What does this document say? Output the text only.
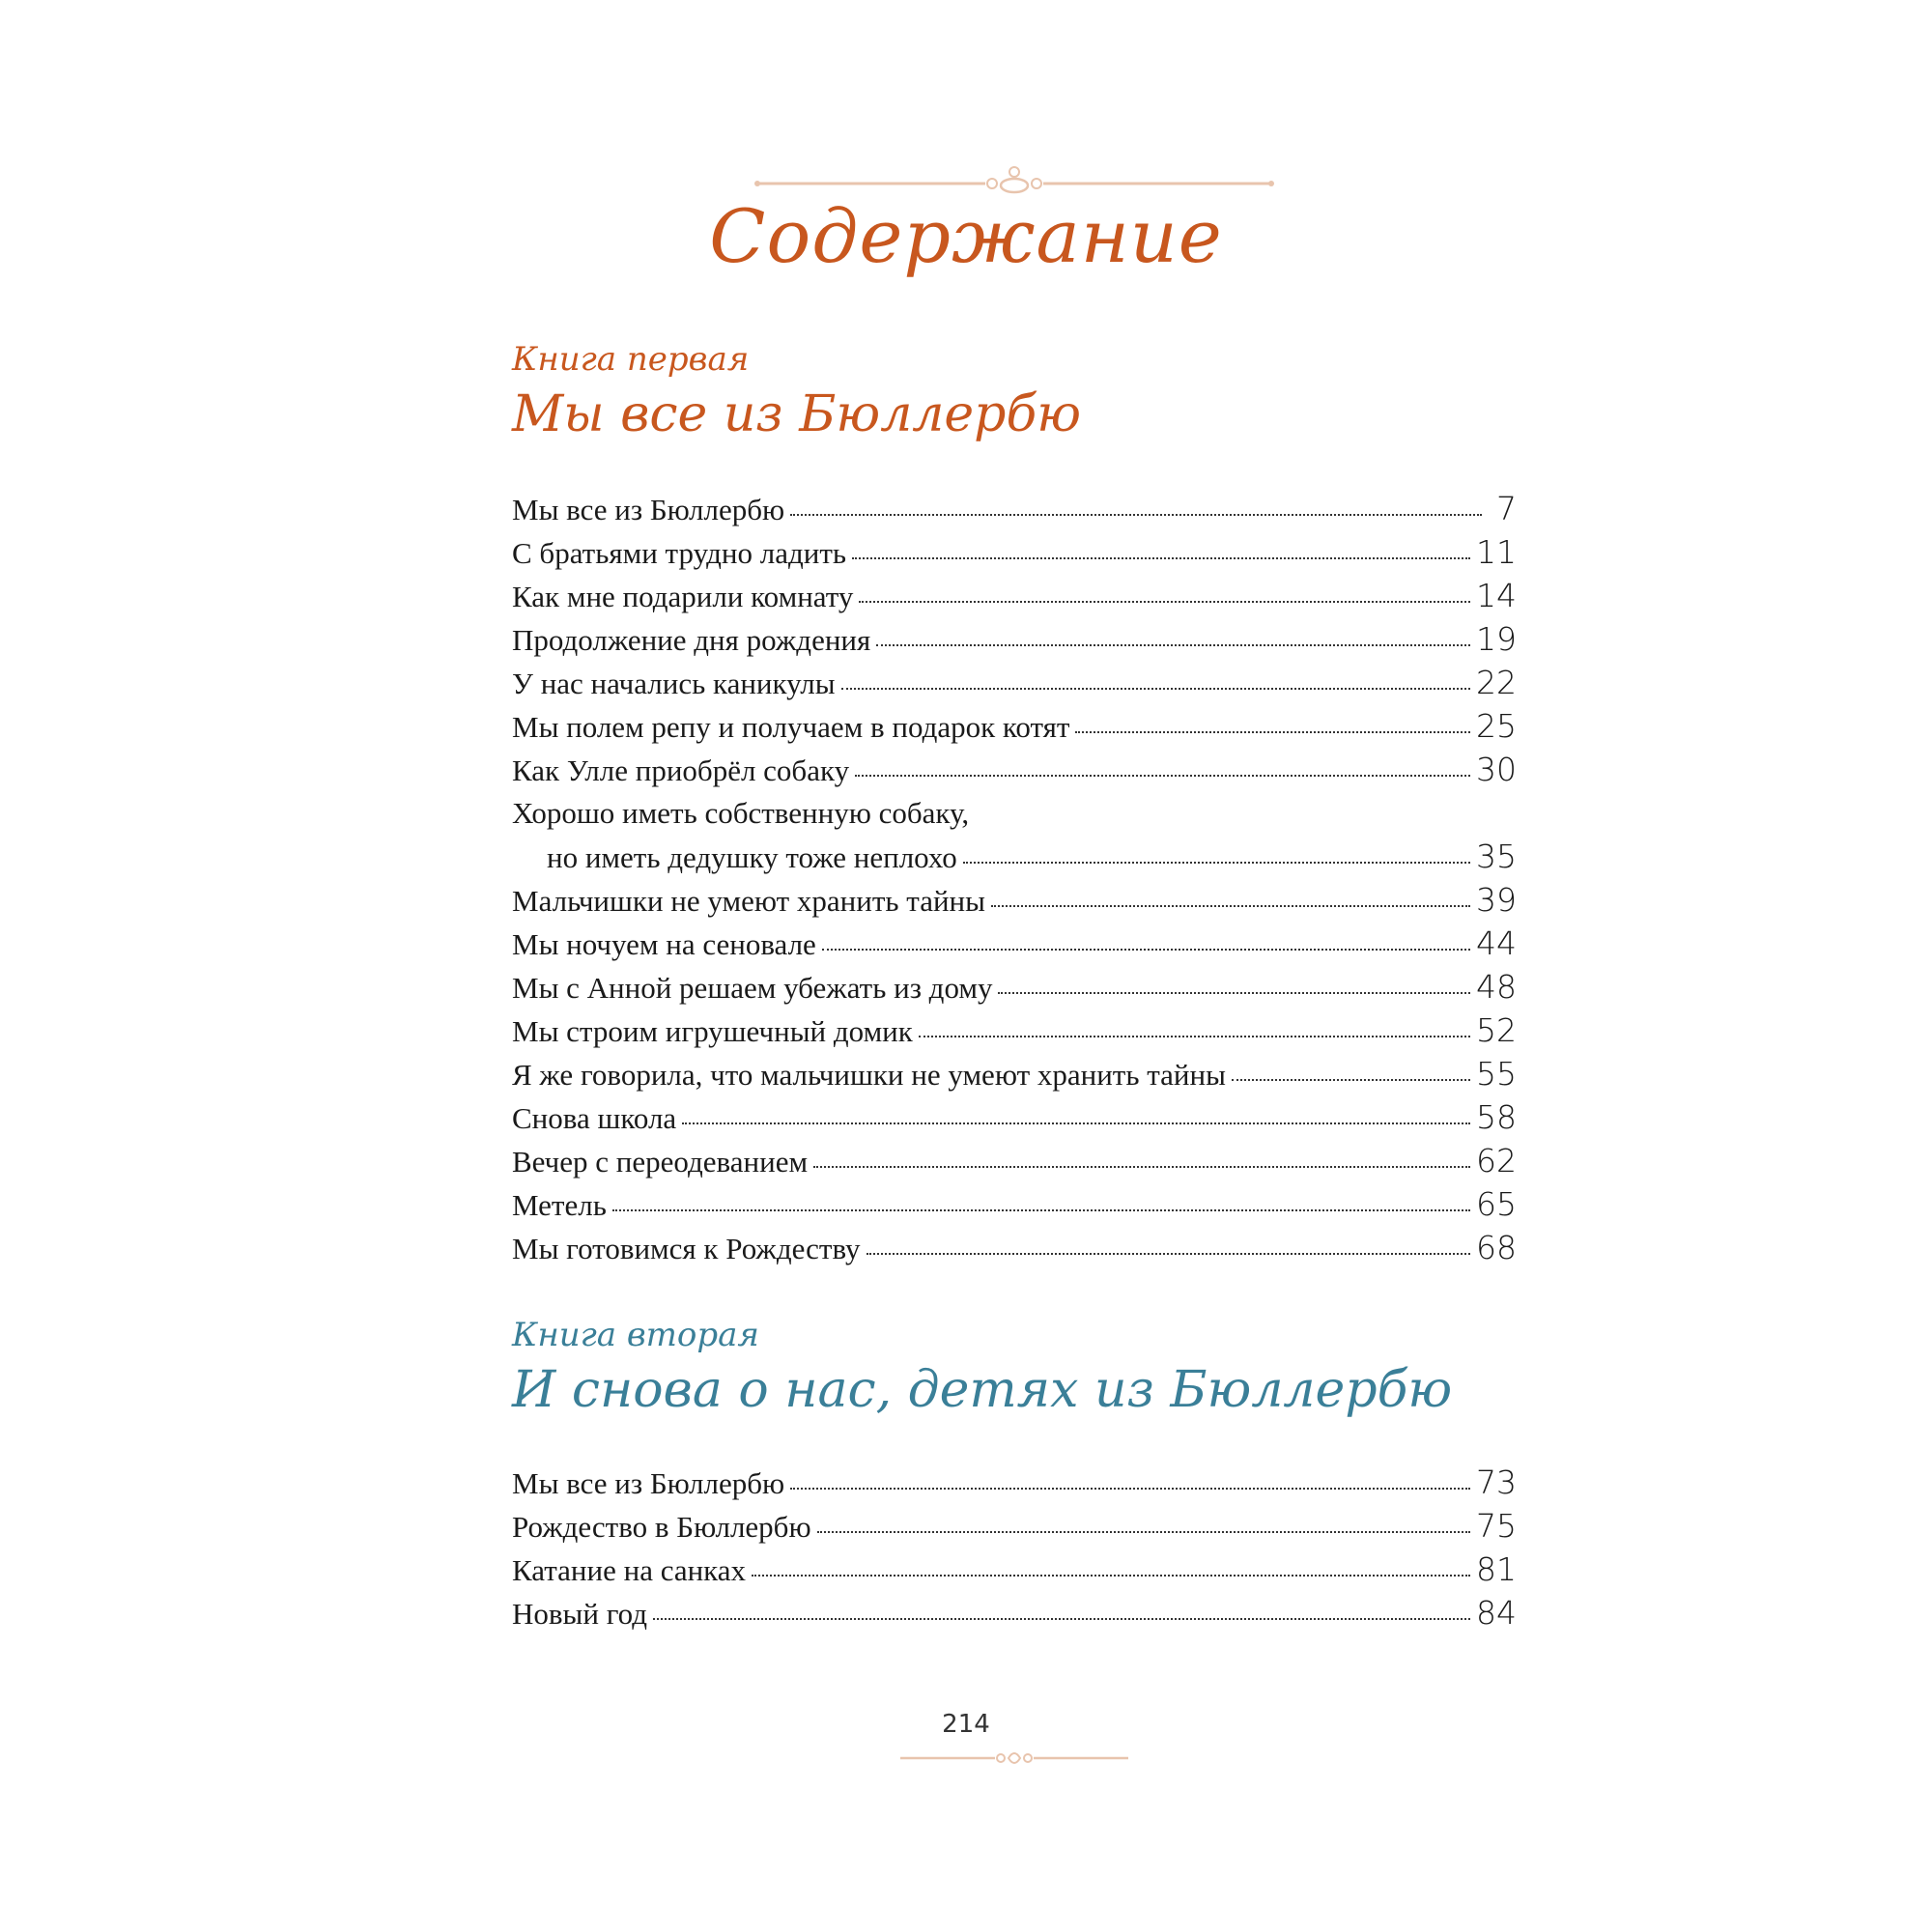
Содержание
Книга первая
Мы все из Бюллербю
Мы все из Бюллербю	7
С братьями трудно ладить	11
Как мне подарили комнату	14
Продолжение дня рождения	19
У нас начались каникулы	22
Мы полем репу и получаем в подарок котят	25
Как Улле приобрёл собаку	30
Хорошо иметь собственную собаку,
но иметь дедушку тоже неплохо	35
Мальчишки не умеют хранить тайны	39
Мы ночуем на сеновале	44
Мы с Анной решаем убежать из дому	48
Мы строим игрушечный домик	52
Я же говорила, что мальчишки не умеют хранить тайны	55
Снова школа	58
Вечер с переодеванием	62
Метель	65
Мы готовимся к Рождеству	68
Книга вторая
И снова о нас, детях из Бюллербю
Мы все из Бюллербю	73
Рождество в Бюллербю	75
Катание на санках	81
Новый год	84
214
